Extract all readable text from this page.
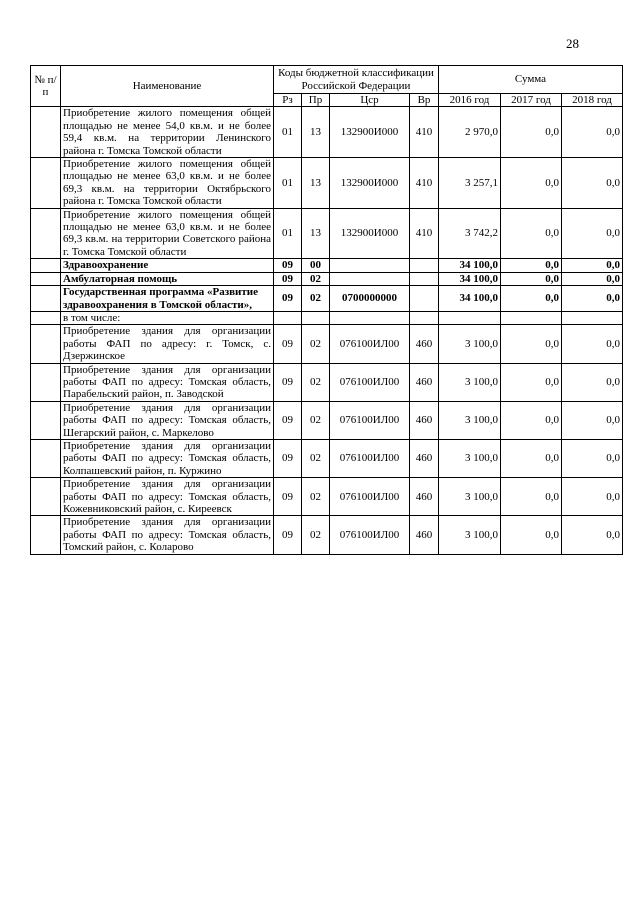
28
№ п/п	Наименование	Коды бюджетной классификации Российской Федерации				Сумма		
		Рз	Пр	Цср	Вр	2016 год	2017 год	2018 год
	Приобретение жилого помещения общей площадью не менее 54,0 кв.м. и не более 59,4 кв.м. на территории Ленинского района г. Томска Томской области	01	13	132900И000	410	2 970,0	0,0	0,0
	Приобретение жилого помещения общей площадью не менее 63,0 кв.м. и не более 69,3 кв.м. на территории Октябрьского района г. Томска Томской области	01	13	132900И000	410	3 257,1	0,0	0,0
	Приобретение жилого помещения общей площадью не менее 63,0 кв.м. и не более 69,3 кв.м. на территории Советского района г. Томска Томской области	01	13	132900И000	410	3 742,2	0,0	0,0
	Здравоохранение	09	00			34 100,0	0,0	0,0
	Амбулаторная помощь	09	02			34 100,0	0,0	0,0
	Государственная программа «Развитие здравоохранения в Томской области»,	09	02	0700000000		34 100,0	0,0	0,0
	в том числе:							
	Приобретение здания для организации работы ФАП по адресу: г. Томск, с. Дзержинское	09	02	076100ИЛ00	460	3 100,0	0,0	0,0
	Приобретение здания для организации работы ФАП по адресу: Томская область, Парабельский район, п. Заводской	09	02	076100ИЛ00	460	3 100,0	0,0	0,0
	Приобретение здания для организации работы ФАП по адресу: Томская область, Шегарский район, с. Маркелово	09	02	076100ИЛ00	460	3 100,0	0,0	0,0
	Приобретение здания для организации работы ФАП по адресу: Томская область, Колпашевский район, п. Куржино	09	02	076100ИЛ00	460	3 100,0	0,0	0,0
	Приобретение здания для организации работы ФАП по адресу: Томская область, Кожевниковский район, с. Киреевск	09	02	076100ИЛ00	460	3 100,0	0,0	0,0
	Приобретение здания для организации работы ФАП по адресу: Томская область, Томский район, с. Коларово	09	02	076100ИЛ00	460	3 100,0	0,0	0,0
